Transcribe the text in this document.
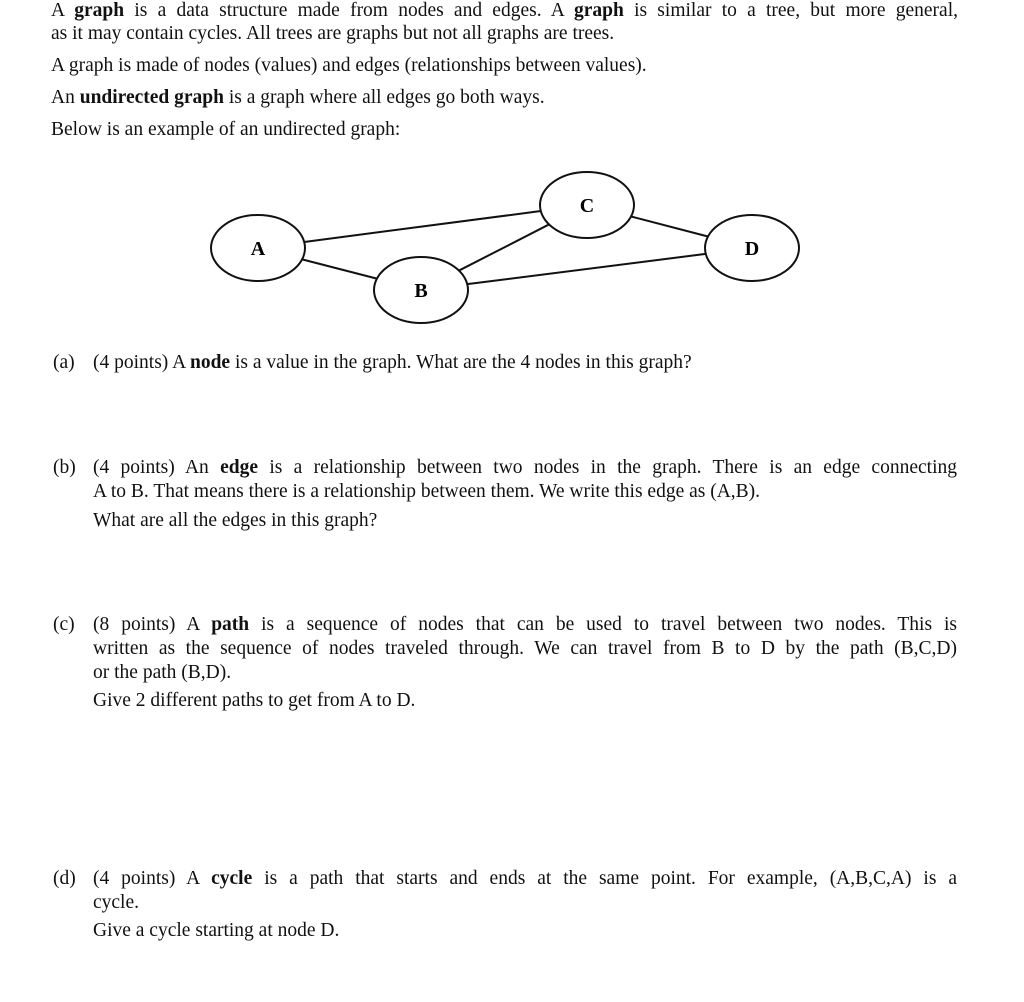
A graph is a data structure made from nodes and edges. A graph is similar to a tree, but more general,
as it may contain cycles. All trees are graphs but not all graphs are trees.
A graph is made of nodes (values) and edges (relationships between values).
An undirected graph is a graph where all edges go both ways.
Below is an example of an undirected graph:
A
B
C
D
(a) (4 points) A node is a value in the graph. What are the 4 nodes in this graph?
(b) (4 points) An edge is a relationship between two nodes in the graph. There is an edge connecting
A to B. That means there is a relationship between them. We write this edge as (A,B).
What are all the edges in this graph?
(c) (8 points) A path is a sequence of nodes that can be used to travel between two nodes. This is
written as the sequence of nodes traveled through. We can travel from B to D by the path (B,C,D)
or the path (B,D).
Give 2 different paths to get from A to D.
(d) (4 points) A cycle is a path that starts and ends at the same point. For example, (A,B,C,A) is a
cycle.
Give a cycle starting at node D.
